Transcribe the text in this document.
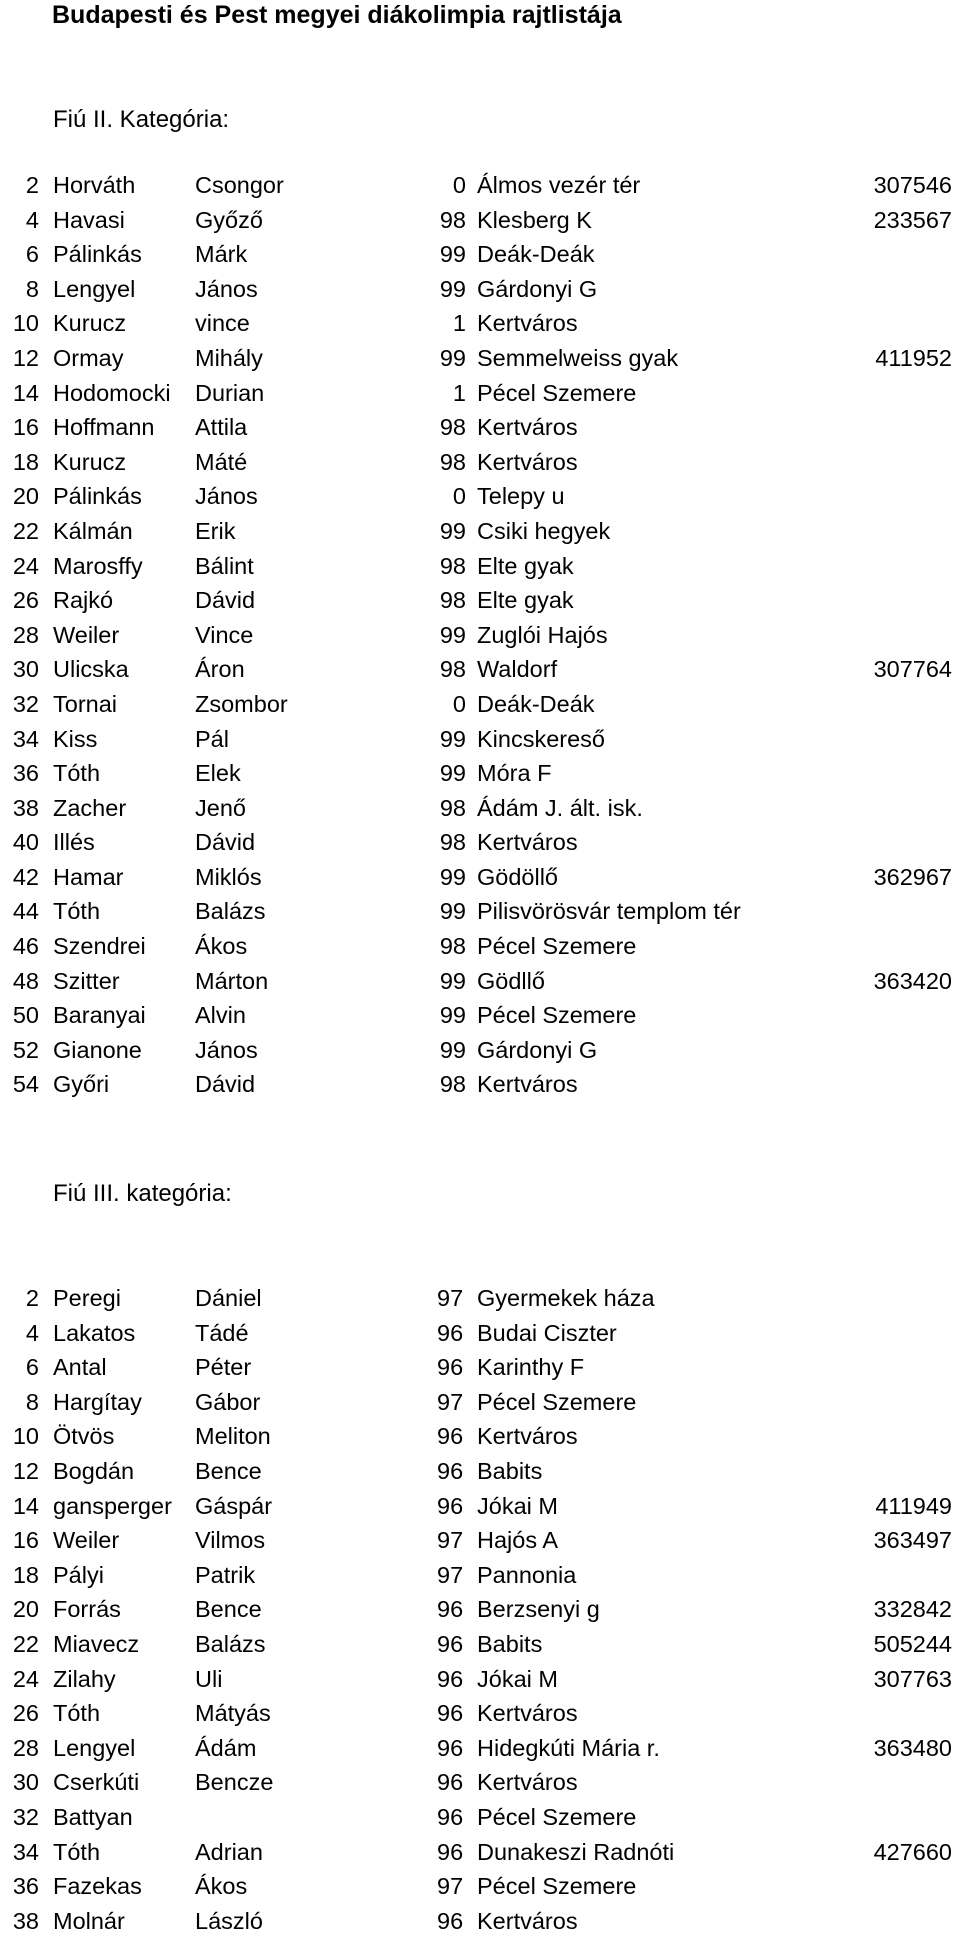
Budapesti és Pest megyei diákolimpia rajtlistája
Fiú II. Kategória:
2 Horváth	Csongor	0 Álmos vezér tér	307546
4 Havasi	Győző	98 Klesberg K	233567
6 Pálinkás Márk	99 Deák-Deák
8 Lengyel	János	99 Gárdonyi G
10 Kurucz	vince	1 Kertváros
12 Ormay	Mihály	99 Semmelweiss gyak	411952
14 Hodomocki Durian	1 Pécel Szemere
16 Hoffmann Attila	98 Kertváros
18 Kurucz	Máté	98 Kertváros
20 Pálinkás János	0 Telepy u
22 Kálmán	Erik	99 Csiki hegyek
24 Marosffy Bálint	98 Elte gyak
26 Rajkó	Dávid	98 Elte gyak
28 Weiler	Vince	99 Zuglói Hajós
30 Ulicska	Áron	98 Waldorf	307764
32 Tornai	Zsombor	0 Deák-Deák
34 Kiss	Pál	99 Kincskereső
36 Tóth	Elek	99 Móra F
38 Zacher	Jenő	98 Ádám J. ált. isk.
40 Illés	Dávid	98 Kertváros
42 Hamar	Miklós	99 Gödöllő	362967
44 Tóth	Balázs	99 Pilisvörösvár templom tér
46 Szendrei Ákos	98 Pécel Szemere
48 Szitter	Márton	99 Gödllő	363420
50 Baranyai Alvin	99 Pécel Szemere
52 Gianone János	99 Gárdonyi G
54 Győri	Dávid	98 Kertváros
Fiú III. kategória:
2 Peregi	Dániel	97 Gyermekek háza
4 Lakatos	Tádé	96 Budai Ciszter
6 Antal	Péter	96 Karinthy F
8 Hargítay Gábor	97 Pécel Szemere
10 Ötvös	Meliton	96 Kertváros
12 Bogdán	Bence	96 Babits
14 gansperger Gáspár	96 Jókai M	411949
16 Weiler	Vilmos	97 Hajós A	363497
18 Pályi	Patrik	97 Pannonia
20 Forrás	Bence	96 Berzsenyi g	332842
22 Miavecz Balázs	96 Babits	505244
24 Zilahy	Uli	96 Jókai M	307763
26 Tóth	Mátyás	96 Kertváros
28 Lengyel	Ádám	96 Hidegkúti Mária r.	363480
30 Cserkúti Bencze	96 Kertváros
32 Battyan	96 Pécel Szemere
34 Tóth	Adrian	96 Dunakeszi Radnóti	427660
36 Fazekas Ákos	97 Pécel Szemere
38 Molnár	László	96 Kertváros
